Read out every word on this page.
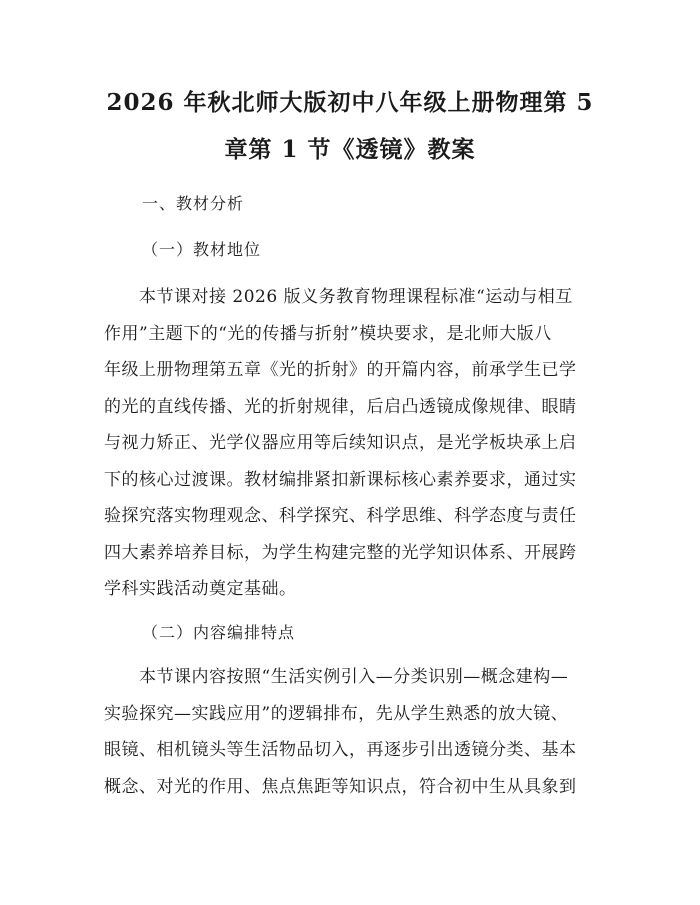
2026 年秋北师大版初中八年级上册物理第 5
章第 1 节《透镜》教案
一、教材分析
（一）教材地位
　　本节课对接 2026 版义务教育物理课程标准“运动与相互
作用”主题下的“光的传播与折射”模块要求，是北师大版八
年级上册物理第五章《光的折射》的开篇内容，前承学生已学
的光的直线传播、光的折射规律，后启凸透镜成像规律、眼睛
与视力矫正、光学仪器应用等后续知识点，是光学板块承上启
下的核心过渡课。教材编排紧扣新课标核心素养要求，通过实
验探究落实物理观念、科学探究、科学思维、科学态度与责任
四大素养培养目标，为学生构建完整的光学知识体系、开展跨
学科实践活动奠定基础。
（二）内容编排特点
　　本节课内容按照“生活实例引入—分类识别—概念建构—
实验探究—实践应用”的逻辑排布，先从学生熟悉的放大镜、
眼镜、相机镜头等生活物品切入，再逐步引出透镜分类、基本
概念、对光的作用、焦点焦距等知识点，符合初中生从具象到
